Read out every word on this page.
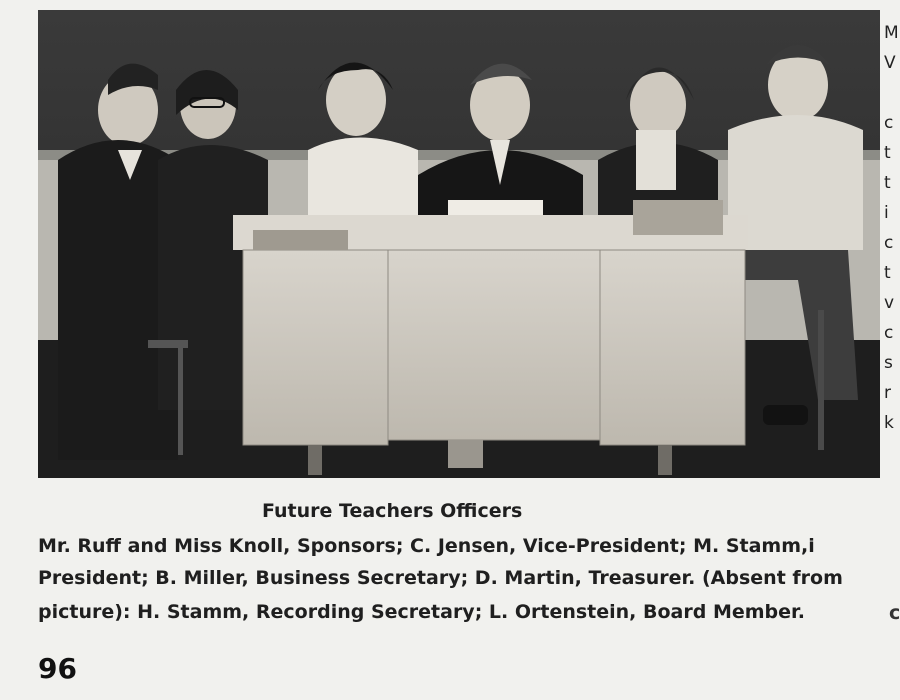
M
V

c
t
t
i
c
t
v
c
s
r
k
Future Teachers Officers
Mr. Ruff and Miss Knoll, Sponsors; C. Jensen, Vice-President; M. Stamm,i
President; B. Miller, Business Secretary; D. Martin, Treasurer. (Absent from
picture): H. Stamm, Recording Secretary; L. Ortenstein, Board Member.	c
96
